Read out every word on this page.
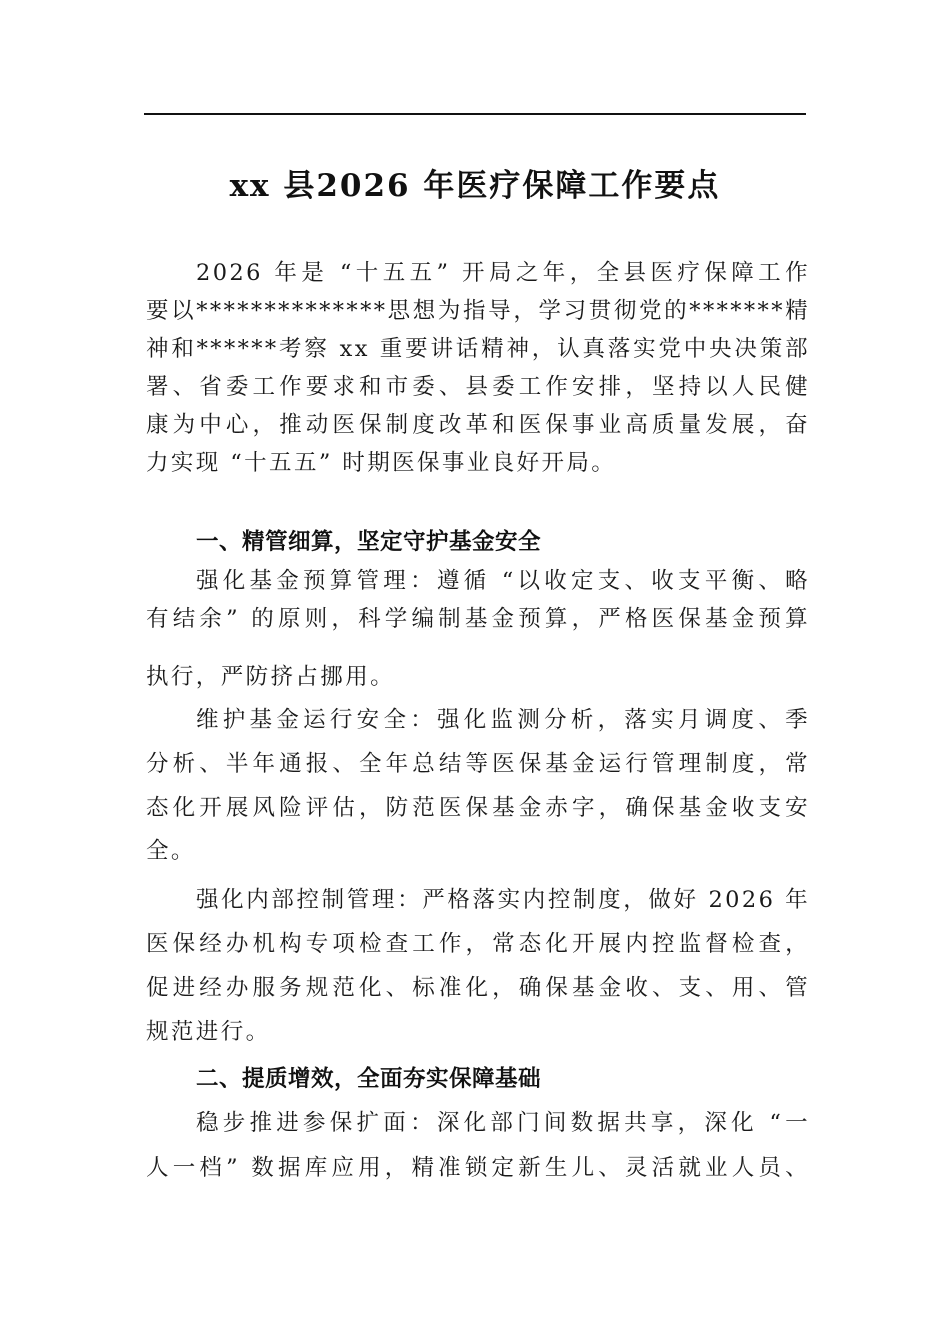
xx 县2026 年医疗保障工作要点
2026 年是 “十五五” 开局之年，全县医疗保障工作
要以**************思想为指导，学习贯彻党的*******精
神和******考察 xx 重要讲话精神，认真落实党中央决策部
署、省委工作要求和市委、县委工作安排，坚持以人民健
康为中心，推动医保制度改革和医保事业高质量发展，奋
力实现 “十五五” 时期医保事业良好开局。
一、精管细算，坚定守护基金安全
强化基金预算管理：遵循 “以收定支、收支平衡、略
有结余” 的原则，科学编制基金预算，严格医保基金预算
执行，严防挤占挪用。
维护基金运行安全：强化监测分析，落实月调度、季
分析、半年通报、全年总结等医保基金运行管理制度，常
态化开展风险评估，防范医保基金赤字，确保基金收支安
全。
强化内部控制管理：严格落实内控制度，做好 2026 年
医保经办机构专项检查工作，常态化开展内控监督检查，
促进经办服务规范化、标准化，确保基金收、支、用、管
规范进行。
二、提质增效，全面夯实保障基础
稳步推进参保扩面：深化部门间数据共享，深化 “一
人一档” 数据库应用，精准锁定新生儿、灵活就业人员、
